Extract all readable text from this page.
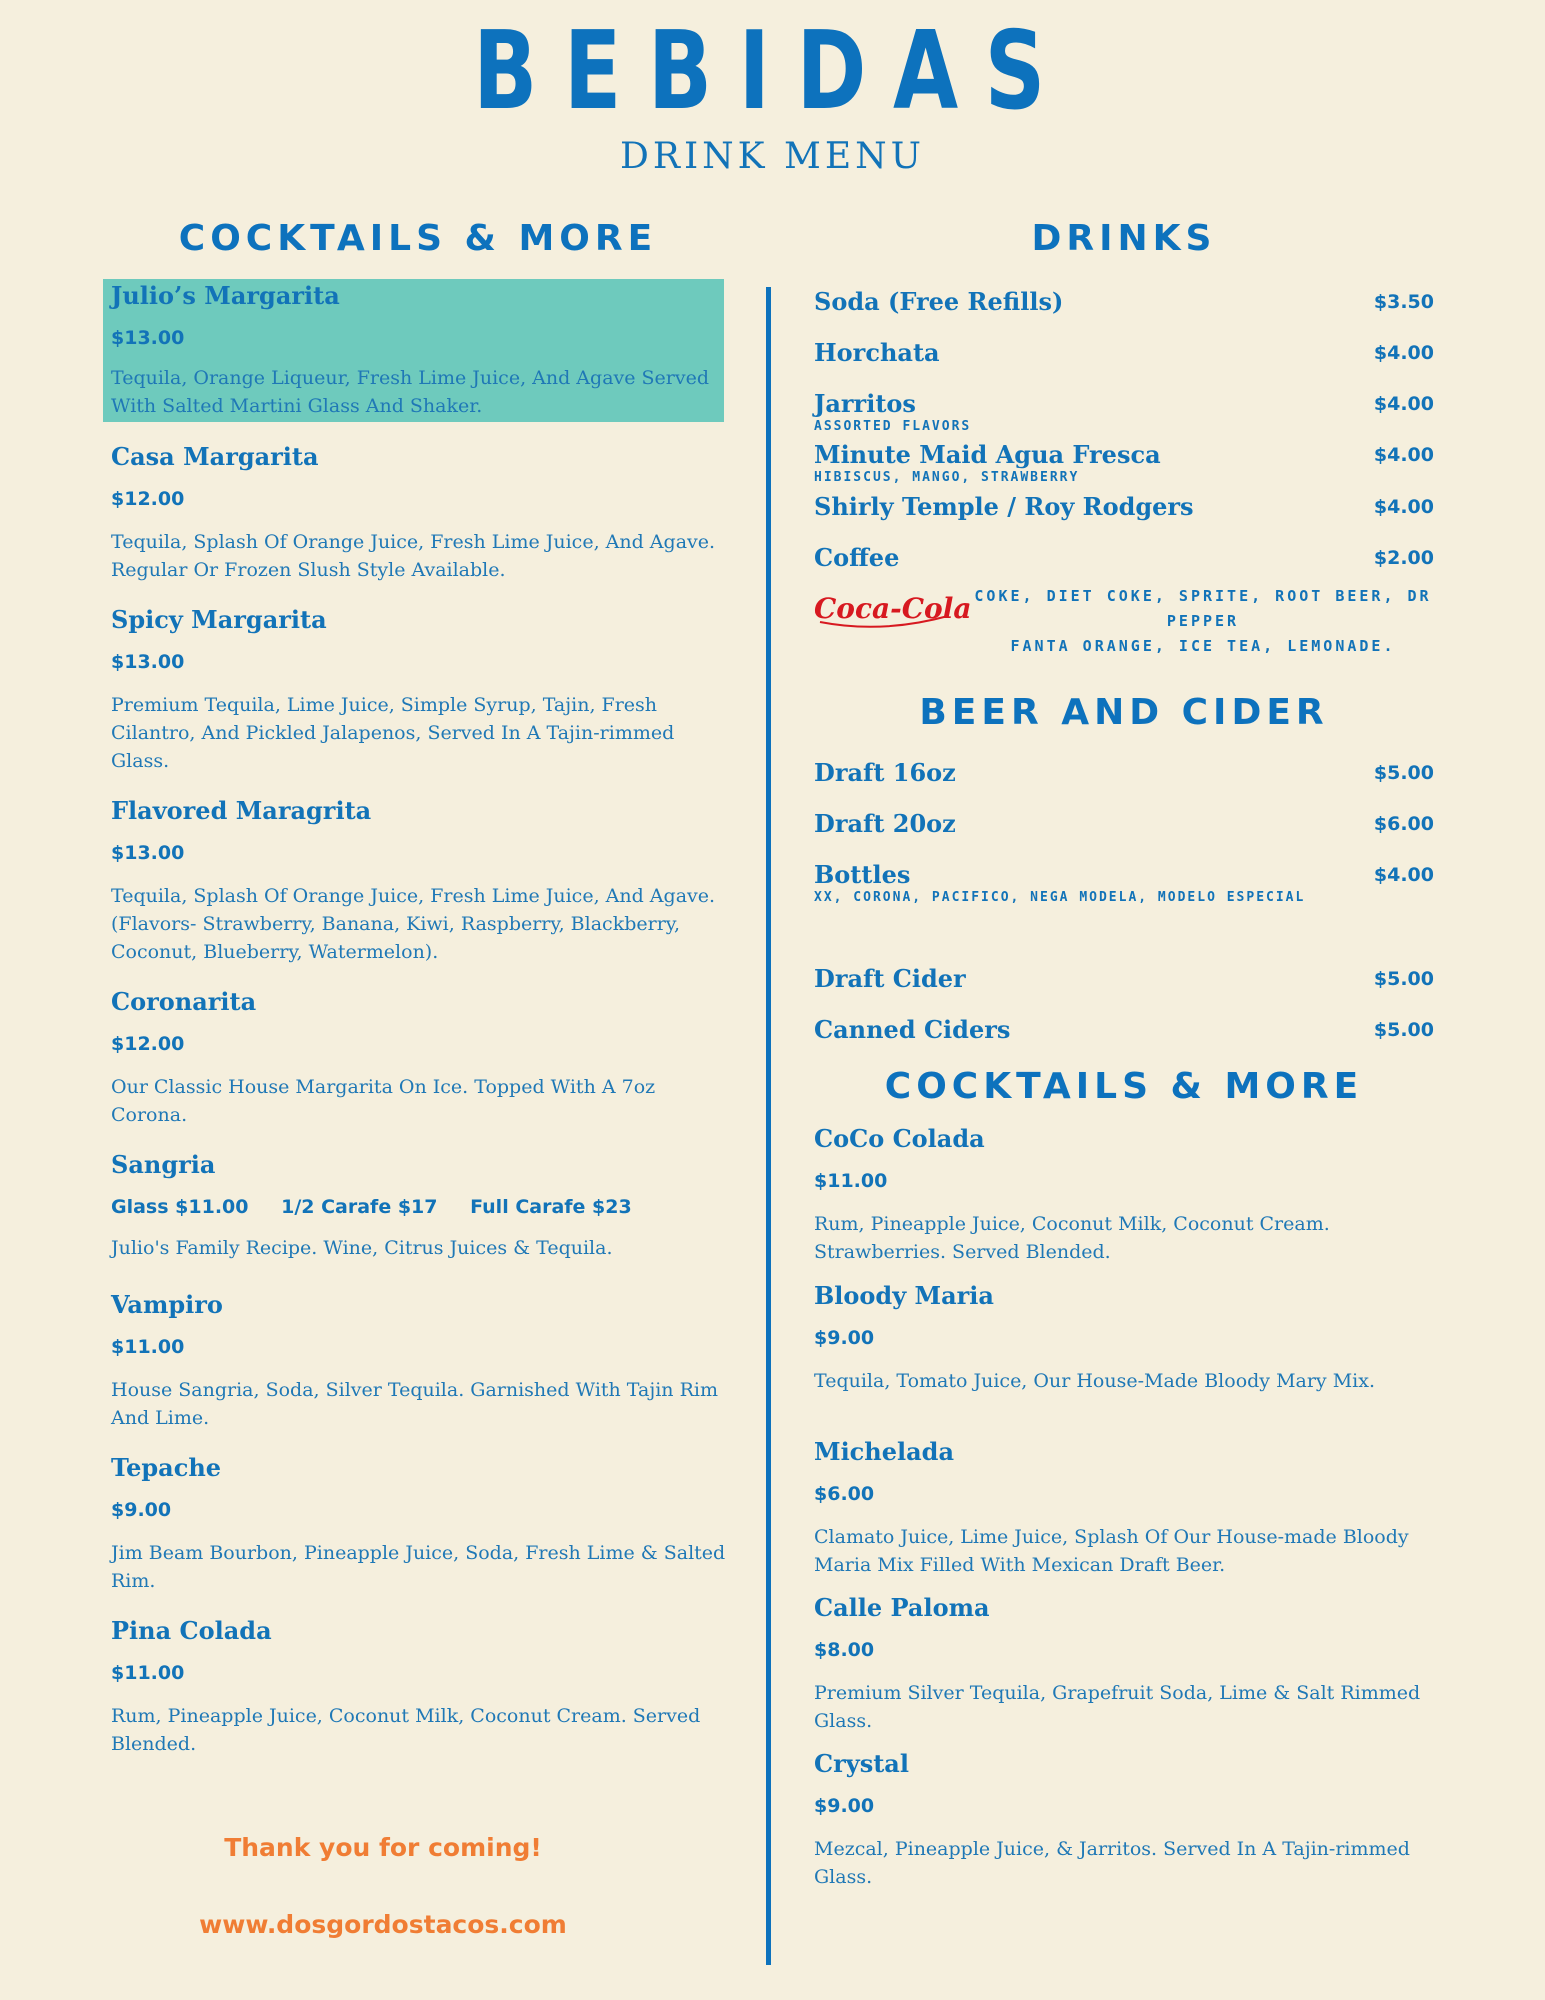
BEBIDAS
DRINK MENU
COCKTAILS & MORE
Julio’s Margarita
$13.00
Tequila, Orange Liqueur, Fresh Lime Juice, And Agave Served With Salted Martini Glass And Shaker.
Casa Margarita
$12.00
Tequila, Splash Of Orange Juice, Fresh Lime Juice, And Agave. Regular Or Frozen Slush Style Available.
Spicy Margarita
$13.00
Premium Tequila, Lime Juice, Simple Syrup, Tajin, Fresh Cilantro, And Pickled Jalapenos, Served In A Tajin-rimmed Glass.
Flavored Maragrita
$13.00
Tequila, Splash Of Orange Juice, Fresh Lime Juice, And Agave. (Flavors- Strawberry, Banana, Kiwi, Raspberry, Blackberry, Coconut, Blueberry, Watermelon).
Coronarita
$12.00
Our Classic House Margarita On Ice. Topped With A 7oz Corona.
Sangria
Glass $11.00 1/2 Carafe $17 Full Carafe $23
Julio's Family Recipe. Wine, Citrus Juices & Tequila.
Vampiro
$11.00
House Sangria, Soda, Silver Tequila. Garnished With Tajin Rim And Lime.
Tepache
$9.00
Jim Beam Bourbon, Pineapple Juice, Soda, Fresh Lime & Salted Rim.
Pina Colada
$11.00
Rum, Pineapple Juice, Coconut Milk, Coconut Cream. Served Blended.
Thank you for coming!
www.dosgordostacos.com
DRINKS
Soda (Free Refills)	$3.50
Horchata	$4.00
Jarritos	$4.00
ASSORTED FLAVORS
Minute Maid Agua Fresca	$4.00
HIBISCUS, MANGO, STRAWBERRY
Shirly Temple / Roy Rodgers	$4.00
Coffee	$2.00
Coca-Cola COKE, DIET COKE, SPRITE, ROOT BEER, DR PEPPER
FANTA ORANGE, ICE TEA, LEMONADE.
BEER AND CIDER
Draft 16oz	$5.00
Draft 20oz	$6.00
Bottles	$4.00
XX, CORONA, PACIFICO, NEGA MODELA, MODELO ESPECIAL
Draft Cider	$5.00
Canned Ciders	$5.00
COCKTAILS & MORE
CoCo Colada
$11.00
Rum, Pineapple Juice, Coconut Milk, Coconut Cream. Strawberries. Served Blended.
Bloody Maria
$9.00
Tequila, Tomato Juice, Our House-Made Bloody Mary Mix.
Michelada
$6.00
Clamato Juice, Lime Juice, Splash Of Our House-made Bloody Maria Mix Filled With Mexican Draft Beer.
Calle Paloma
$8.00
Premium Silver Tequila, Grapefruit Soda, Lime & Salt Rimmed Glass.
Crystal
$9.00
Mezcal, Pineapple Juice, & Jarritos. Served In A Tajin-rimmed Glass.
